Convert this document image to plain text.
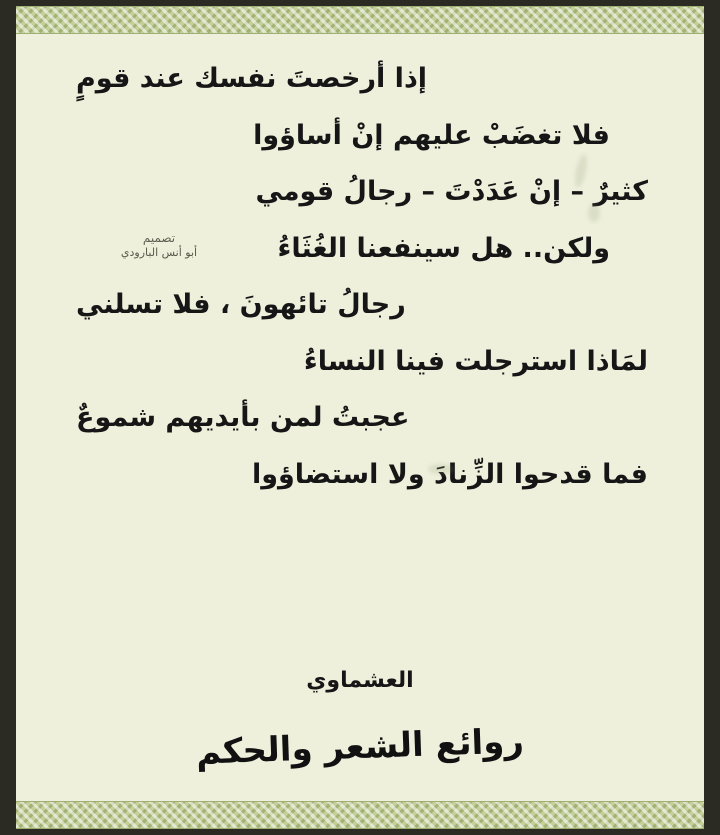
إذا أرخصتَ نفسك عند قومٍ
فلا تغضَبْ عليهم إنْ أساؤوا
كثيرٌ – إنْ عَدَدْتَ – رجالُ قومي
ولكن.. هل سينفعنا الغُثَاءُ
رجالُ تائهونَ ، فلا تسلني
لمَاذا استرجلت فينا النساءُ
عجبتُ لمن بأيديهم شموعٌ
فما قدحوا الزِّنادَ ولا استضاؤوا
تصميم
أبو أنس البارودي
العشماوي
روائع الشعر والحكم
